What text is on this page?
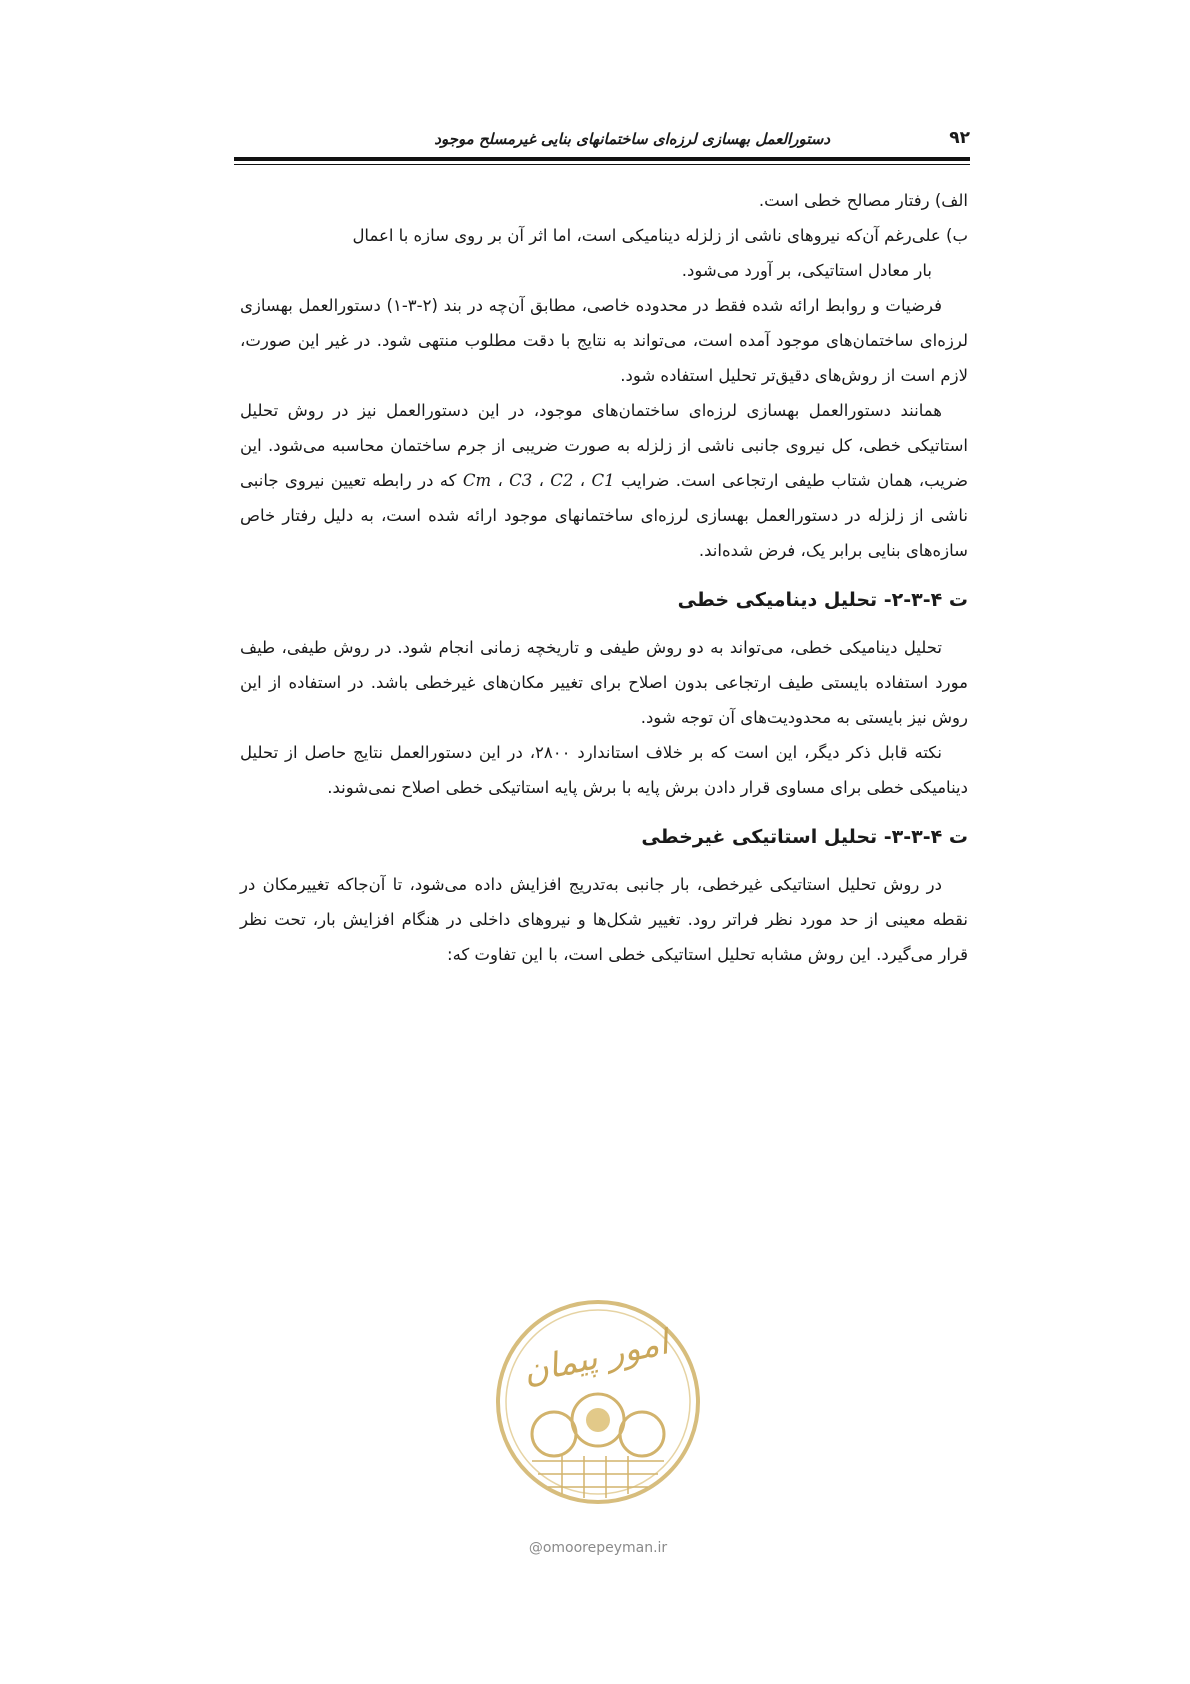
دستورالعمل بهسازی لرزه‌ای ساختمانهای بنایی غیرمسلح موجود	۹۲

الف) رفتار مصالح خطی است.

ب) علی‌رغم آن‌که نیروهای ناشی از زلزله دینامیکی است، اما اثر آن بر روی سازه با اعمال

بار معادل استاتیکی، بر آورد می‌شود.

فرضیات و روابط ارائه شده فقط در محدوده خاصی، مطابق آن‌چه در بند (۲-۳-۱) دستورالعمل بهسازی لرزه‌ای ساختمان‌های موجود آمده است، می‌تواند به نتایج با دقت مطلوب منتهی شود. در غیر این صورت، لازم است از روش‌های دقیق‌تر تحلیل استفاده شود.

همانند دستورالعمل بهسازی لرزه‌ای ساختمان‌های موجود، در این دستورالعمل نیز در روش تحلیل استاتیکی خطی، کل نیروی جانبی ناشی از زلزله به صورت ضریبی از جرم ساختمان محاسبه می‌شود. این ضریب، همان شتاب طیفی ارتجاعی است. ضرایب C1 ، C2 ، C3 ، Cm که در رابطه تعیین نیروی جانبی ناشی از زلزله در دستورالعمل بهسازی لرزه‌ای ساختمانهای موجود ارائه شده است، به دلیل رفتار خاص سازه‌های بنایی برابر یک، فرض شده‌اند.

ت ۴-۳-۲- تحلیل دینامیکی خطی

تحلیل دینامیکی خطی، می‌تواند به دو روش طیفی و تاریخچه زمانی انجام شود. در روش طیفی، طیف مورد استفاده بایستی طیف ارتجاعی بدون اصلاح برای تغییر مکان‌های غیرخطی باشد. در استفاده از این روش نیز بایستی به محدودیت‌های آن توجه شود.

نکته قابل ذکر دیگر، این است که بر خلاف استاندارد ۲۸۰۰، در این دستورالعمل نتایج حاصل از تحلیل دینامیکی خطی برای مساوی قرار دادن برش پایه با برش پایه استاتیکی خطی اصلاح نمی‌شوند.

ت ۴-۳-۳- تحلیل استاتیکی غیرخطی

در روش تحلیل استاتیکی غیرخطی، بار جانبی به‌تدریج افزایش داده می‌شود، تا آن‌جاکه تغییرمکان در نقطه معینی از حد مورد نظر فراتر رود. تغییر شکل‌ها و نیروهای داخلی در هنگام افزایش بار، تحت نظر قرار می‌گیرد. این روش مشابه تحلیل استاتیکی خطی است، با این تفاوت که:

امور پیمان
@omoorepeyman.ir
